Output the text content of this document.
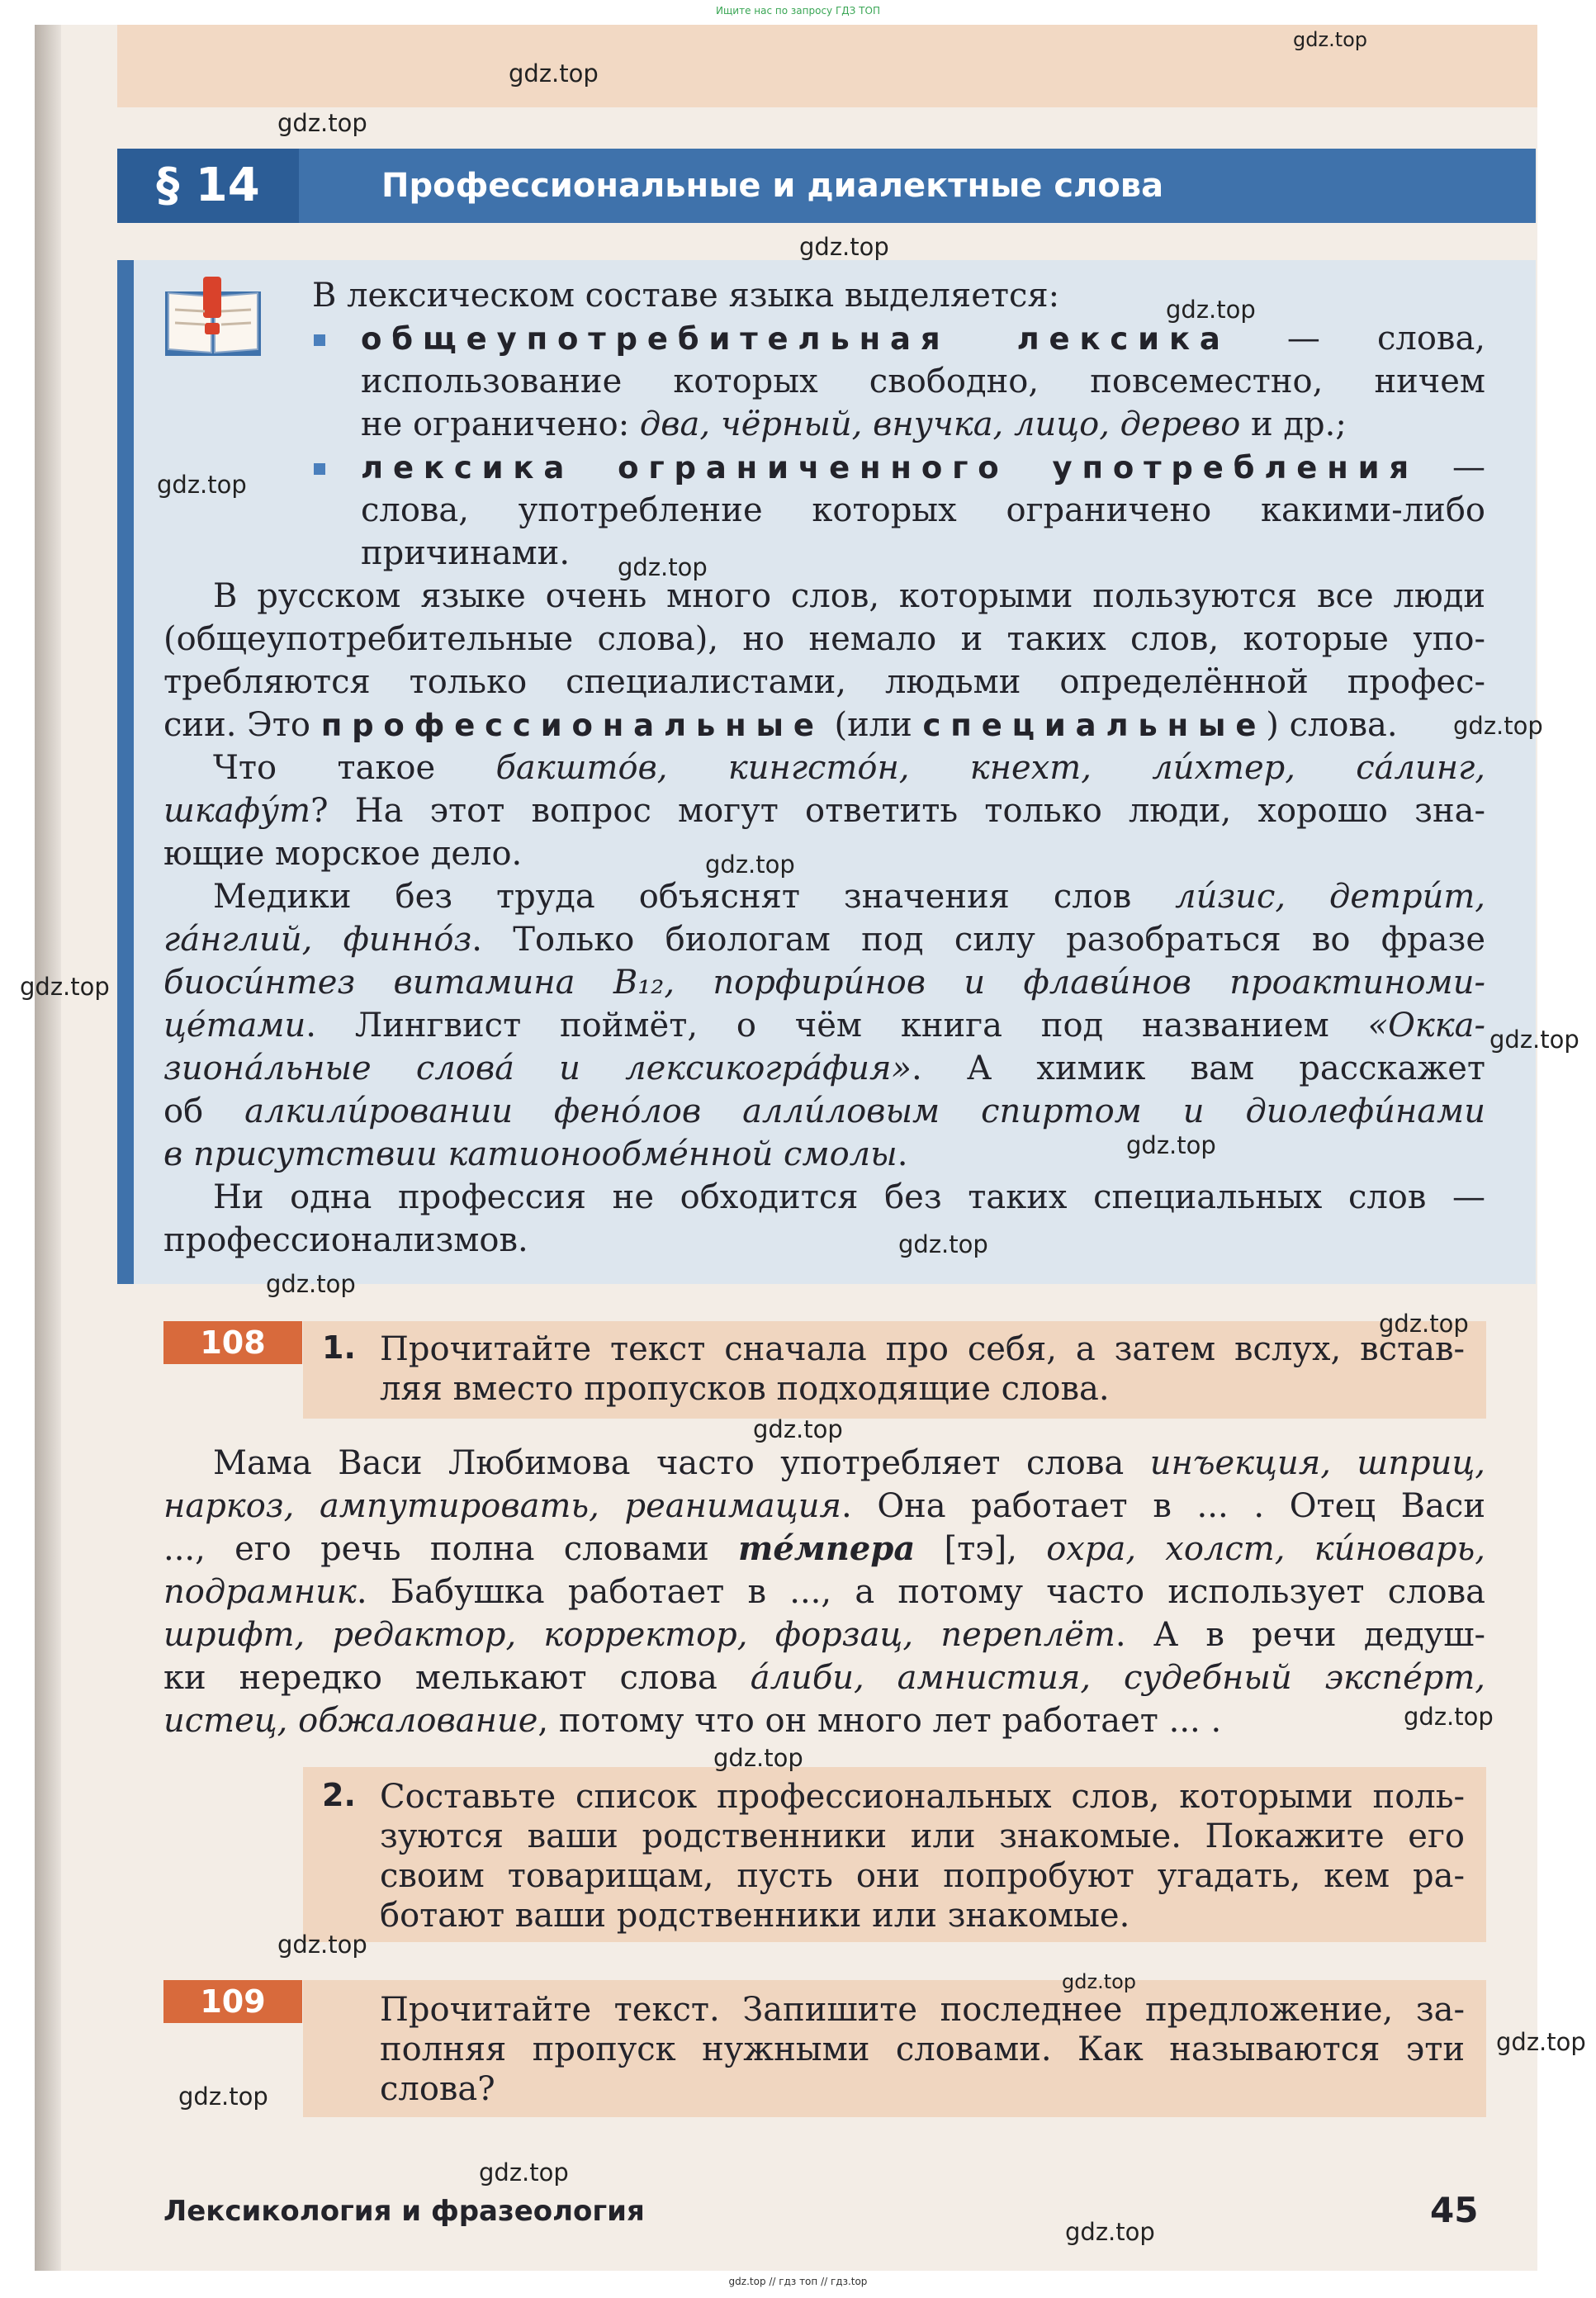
Ищите нас по запросу ГДЗ ТОП
§ 14	Профессиональные и диалектные слова
В лексическом составе языка выделяется:
общеупотребительная лексика — слова,
использование которых свободно, повсеместно, ничем
не ограничено: два, чёрный, внучка, лицо, дерево и др.;
лексика ограниченного употребления —
слова, употребление которых ограничено какими-либо
причинами.
В русском языке очень много слов, которыми пользуются все люди
(общеупотребительные слова), но немало и таких слов, которые упо-
требляются только специалистами, людьми определённой профес-
сии. Это профессиональные (или специальные) слова.
Что такое бакшто́в, кингсто́н, кнехт, ли́хтер, са́линг,
шкафу́т? На этот вопрос могут ответить только люди, хорошо зна-
ющие морское дело.
Медики без труда объяснят значения слов ли́зис, детри́т,
га́нглий, финно́з. Только биологам под силу разобраться во фразе
биоси́нтез витамина B₁₂, порфири́нов и флави́нов проактиноми-
це́тами. Лингвист поймёт, о чём книга под названием «Окка-
зиона́льные слова́ и лексикогра́фия». А химик вам расскажет
об алкили́ровании фено́лов алли́ловым спиртом и диолефи́нами
в присутствии катионообме́нной смолы.
Ни одна профессия не обходится без таких специальных слов —
профессионализмов.
108	1. Прочитайте текст сначала про себя, а затем вслух, встав-
ляя вместо пропусков подходящие слова.
Мама Васи Любимова часто употребляет слова инъекция, шприц,
наркоз, ампутировать, реанимация. Она работает в ... . Отец Васи
..., его речь полна словами те́мпера [тэ], охра, холст, ки́новарь,
подрамник. Бабушка работает в ..., а потому часто использует слова
шрифт, редактор, корректор, форзац, переплёт. А в речи дедуш-
ки нередко мелькают слова а́либи, амнистия, судебный экспе́рт,
истец, обжалование, потому что он много лет работает ... .
2. Составьте список профессиональных слов, которыми поль-
зуются ваши родственники или знакомые. Покажите его
своим товарищам, пусть они попробуют угадать, кем ра-
ботают ваши родственники или знакомые.
109	Прочитайте текст. Запишите последнее предложение, за-
полняя пропуск нужными словами. Как называются эти
слова?
Лексикология и фразеология	45
gdz.top
gdz.top
gdz.top
gdz.top
gdz.top
gdz.top
gdz.top
gdz.top
gdz.top
gdz.top
gdz.top
gdz.top
gdz.top
gdz.top
gdz.top
gdz.top
gdz.top
gdz.top
gdz.top
gdz.top
gdz.top
gdz.top
gdz.top
gdz.top
gdz.top // гдз топ // гдз.top
